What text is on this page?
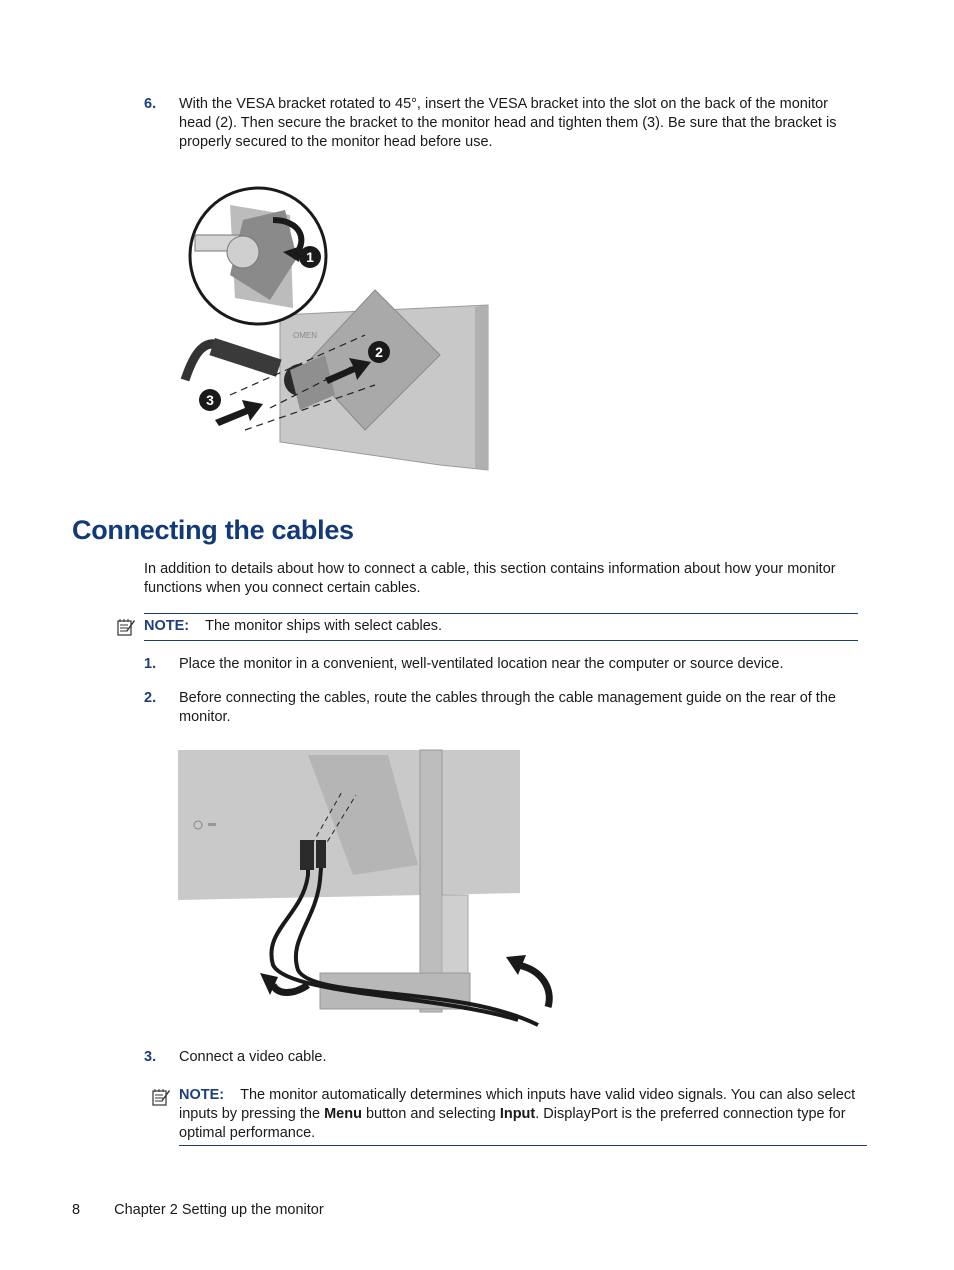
6. With the VESA bracket rotated to 45°, insert the VESA bracket into the slot on the back of the monitor
head (2). Then secure the bracket to the monitor head and tighten them (3). Be sure that the bracket is
properly secured to the monitor head before use.
OMEN
2
3
1
Connecting the cables
In addition to details about how to connect a cable, this section contains information about how your monitor
functions when you connect certain cables.
NOTE: The monitor ships with select cables.
1. Place the monitor in a convenient, well-ventilated location near the computer or source device.
2. Before connecting the cables, route the cables through the cable management guide on the rear of the
monitor.
3. Connect a video cable.
NOTE: The monitor automatically determines which inputs have valid video signals. You can also select
inputs by pressing the Menu button and selecting Input. DisplayPort is the preferred connection type for
optimal performance.
8 Chapter 2 Setting up the monitor
